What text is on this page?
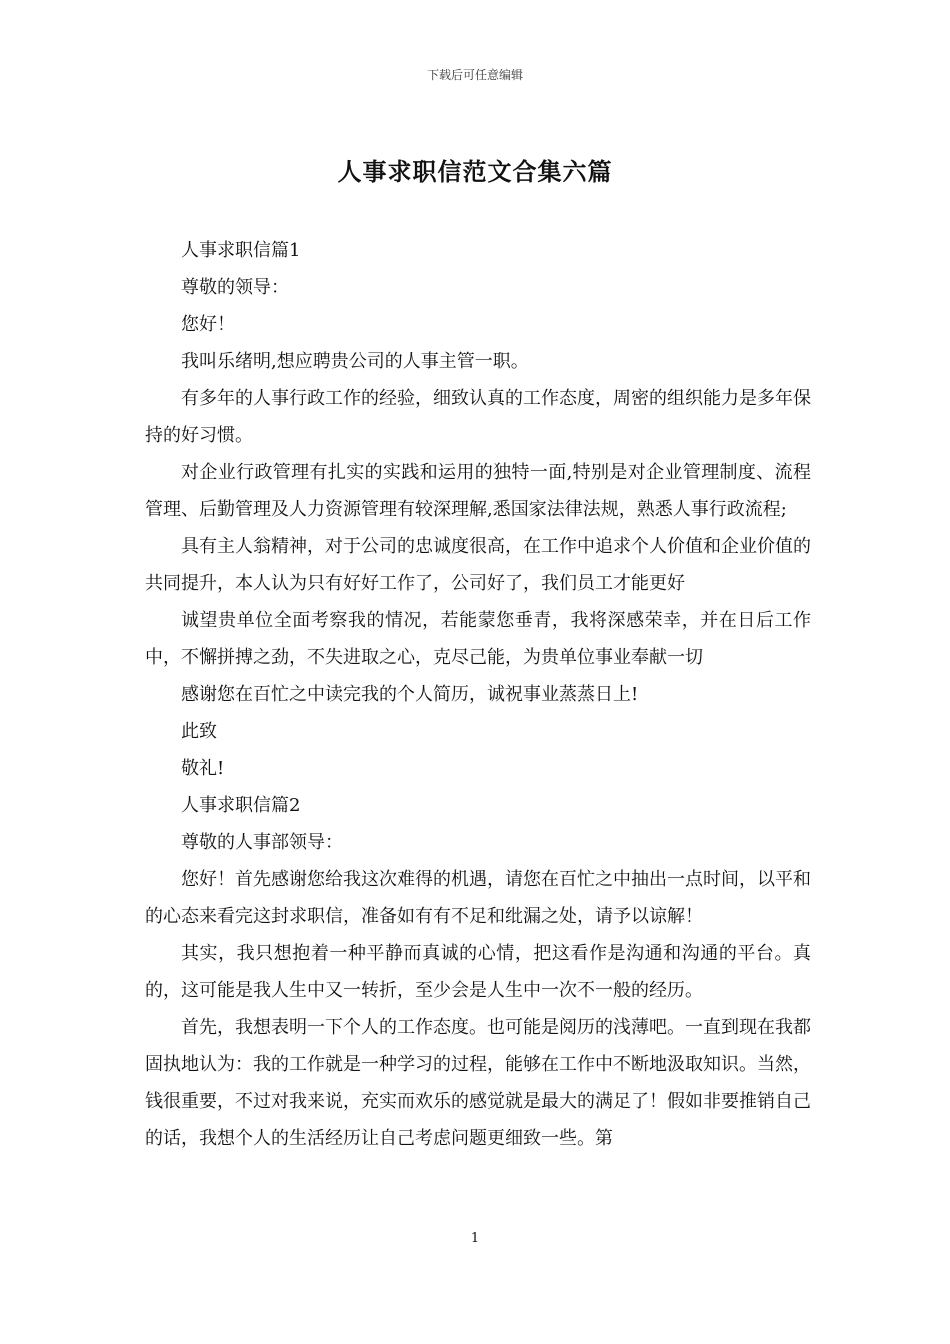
下载后可任意编辑
人事求职信范文合集六篇

人事求职信篇1

尊敬的领导：

您好！

我叫乐绪明,想应聘贵公司的人事主管一职。

有多年的人事行政工作的经验，细致认真的工作态度，周密的组织能力是多年保持的好习惯。

对企业行政管理有扎实的实践和运用的独特一面,特别是对企业管理制度、流程管理、后勤管理及人力资源管理有较深理解,悉国家法律法规，熟悉人事行政流程;

具有主人翁精神，对于公司的忠诚度很高，在工作中追求个人价值和企业价值的共同提升，本人认为只有好好工作了，公司好了，我们员工才能更好

诚望贵单位全面考察我的情况，若能蒙您垂青，我将深感荣幸，并在日后工作中，不懈拼搏之劲，不失进取之心，克尽己能，为贵单位事业奉献一切

感谢您在百忙之中读完我的个人简历，诚祝事业蒸蒸日上!

此致

敬礼!

人事求职信篇2

尊敬的人事部领导：

您好！首先感谢您给我这次难得的机遇，请您在百忙之中抽出一点时间，以平和的心态来看完这封求职信，准备如有有不足和纰漏之处，请予以谅解！

其实，我只想抱着一种平静而真诚的心情，把这看作是沟通和沟通的平台。真的，这可能是我人生中又一转折，至少会是人生中一次不一般的经历。

首先，我想表明一下个人的工作态度。也可能是阅历的浅薄吧。一直到现在我都固执地认为：我的工作就是一种学习的过程，能够在工作中不断地汲取知识。当然，钱很重要，不过对我来说，充实而欢乐的感觉就是最大的满足了！假如非要推销自己的话，我想个人的生活经历让自己考虑问题更细致一些。第

1
